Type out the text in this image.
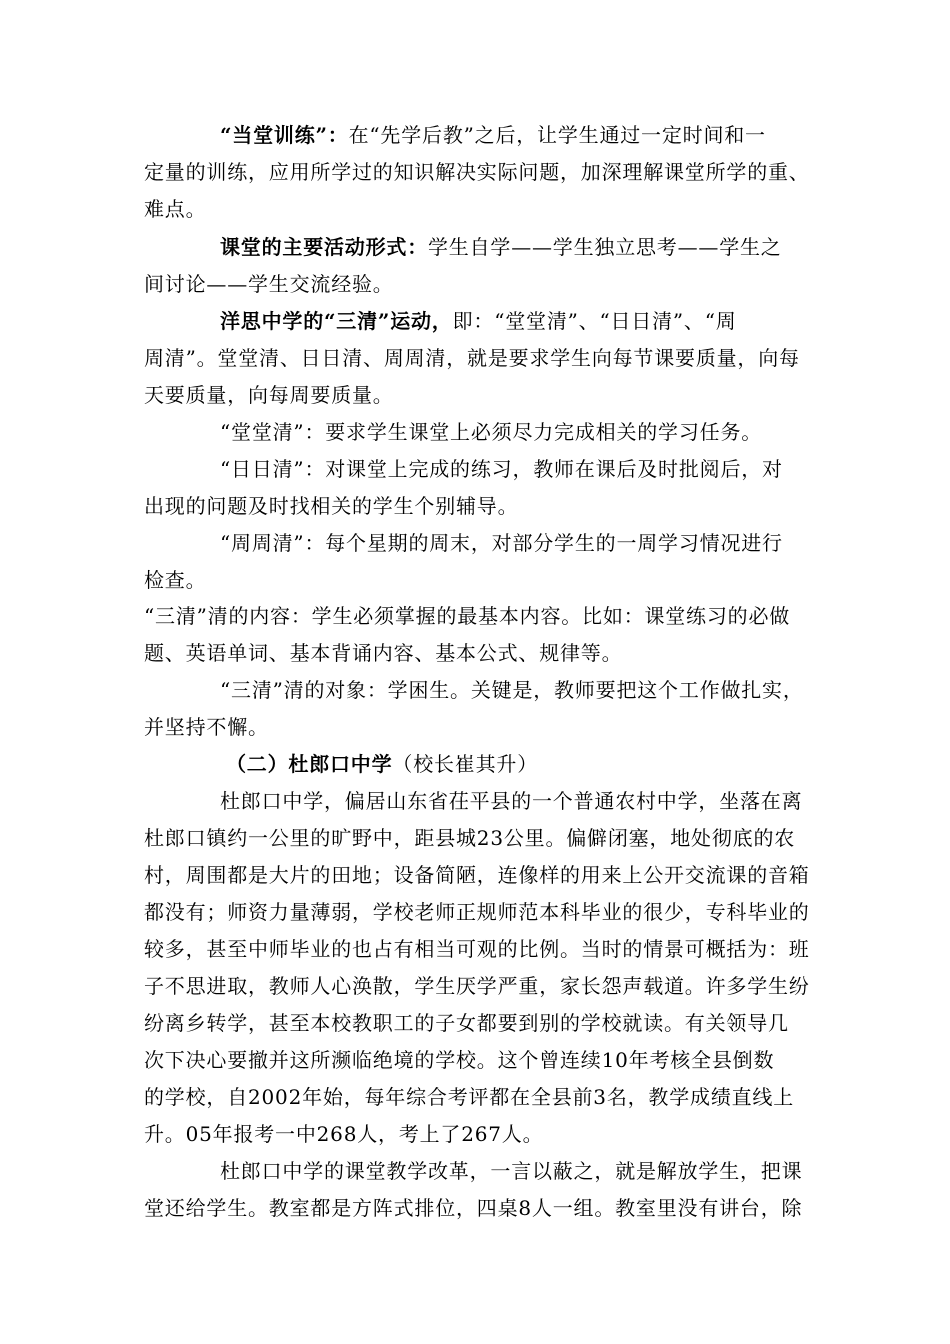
“当堂训练”：在“先学后教”之后，让学生通过一定时间和一
定量的训练，应用所学过的知识解决实际问题，加深理解课堂所学的重、
难点。
课堂的主要活动形式：学生自学——学生独立思考——学生之
间讨论——学生交流经验。
洋思中学的“三清”运动，即：“堂堂清”、“日日清”、“周
周清”。堂堂清、日日清、周周清，就是要求学生向每节课要质量，向每
天要质量，向每周要质量。
“堂堂清”：要求学生课堂上必须尽力完成相关的学习任务。
“日日清”：对课堂上完成的练习，教师在课后及时批阅后，对
出现的问题及时找相关的学生个别辅导。
“周周清”：每个星期的周末，对部分学生的一周学习情况进行
检查。
“三清”清的内容：学生必须掌握的最基本内容。比如：课堂练习的必做
题、英语单词、基本背诵内容、基本公式、规律等。
“三清”清的对象：学困生。关键是，教师要把这个工作做扎实，
并坚持不懈。
（二）杜郎口中学（校长崔其升）
杜郎口中学，偏居山东省茌平县的一个普通农村中学，坐落在离
杜郎口镇约一公里的旷野中，距县城23公里。偏僻闭塞，地处彻底的农
村，周围都是大片的田地；设备简陋，连像样的用来上公开交流课的音箱
都没有；师资力量薄弱，学校老师正规师范本科毕业的很少，专科毕业的
较多，甚至中师毕业的也占有相当可观的比例。当时的情景可概括为：班
子不思进取，教师人心涣散，学生厌学严重，家长怨声载道。许多学生纷
纷离乡转学，甚至本校教职工的子女都要到别的学校就读。有关领导几
次下决心要撤并这所濒临绝境的学校。这个曾连续10年考核全县倒数
的学校，自2002年始，每年综合考评都在全县前3名，教学成绩直线上
升。05年报考一中268人，考上了267人。
杜郎口中学的课堂教学改革，一言以蔽之，就是解放学生，把课
堂还给学生。教室都是方阵式排位，四桌8人一组。教室里没有讲台，除
